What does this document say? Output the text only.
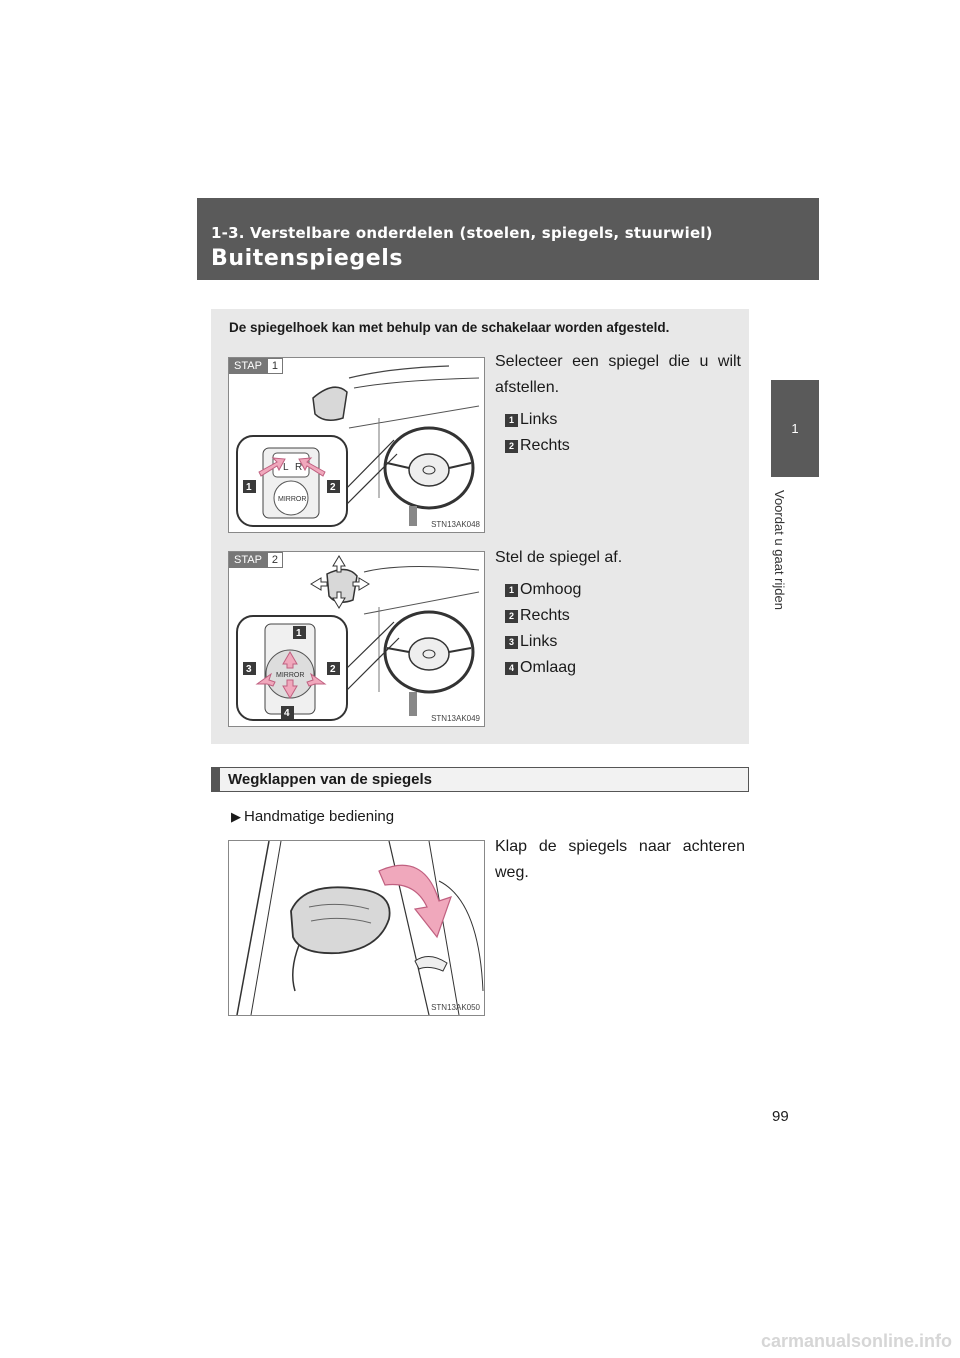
1-3. Verstelbare onderdelen (stoelen, spiegels, stuurwiel)
Buitenspiegels
1
Voordat u gaat rijden
De spiegelhoek kan met behulp van de schakelaar worden afgesteld.
STAP 1
L R
MIRROR
1	2
STN13AK048
Selecteer een spiegel die u wilt afstellen.
1 Links
2 Rechts
STAP 2
MIRROR
1
2
3
4	STN13AK049
Stel de spiegel af.
1 Omhoog
2 Rechts
3 Links
4 Omlaag
Wegklappen van de spiegels
▶ Handmatige bediening
STN13AK050
Klap de spiegels naar achteren weg.
99
carmanualsonline.info
